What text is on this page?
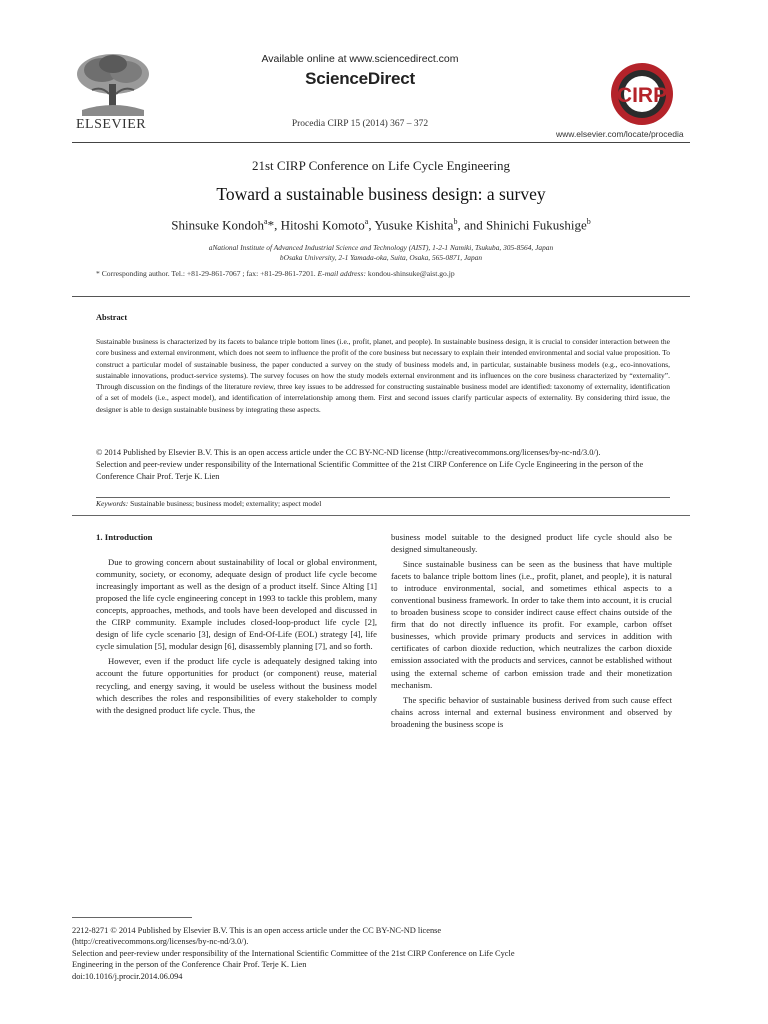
ELSEVIER
Available online at www.sciencedirect.com
ScienceDirect
Procedia CIRP 15 (2014) 367 – 372
CIRP
www.elsevier.com/locate/procedia
21st CIRP Conference on Life Cycle Engineering
Toward a sustainable business design: a survey
Shinsuke Kondoh$^a$*, Hitoshi Komoto$^a$, Yusuke Kishita$^b$, and Shinichi Fukushige$^b$
aNational Institute of Advanced Industrial Science and Technology (AIST), 1-2-1 Namiki, Tsukuba, 305-8564, Japan
bOsaka University, 2-1 Yamada-oka, Suita, Osaka, 565-0871, Japan
* Corresponding author. Tel.: +81-29-861-7067 ; fax: +81-29-861-7201. E-mail address: kondou-shinsuke@aist.go.jp
Abstract

Sustainable business is characterized by its facets to balance triple bottom lines (i.e., profit, planet, and people). In sustainable business design, it is crucial to consider interaction between the core business and external environment, which does not seem to influence the profit of the core business but necessary to explain their intended environmental and social value proposition. To construct a particular model of sustainable business, the paper conducted a survey on the study of business models and, in particular, sustainable business models (e.g., eco-innovations, sustainable innovations, product-service systems). The survey focuses on how the study models external environment and its influences on the core business characterized by “externality”. Through discussion on the findings of the literature review, three key issues to be addressed for constructing sustainable business model are identified: taxonomy of externality, identification of a set of models (i.e., aspect model), and identification of interrelationship among them. First and second issues clarify particular aspects of externality. By considering third issue, the designer is able to design sustainable business by integrating these aspects.

© 2014 Published by Elsevier B.V. This is an open access article under the CC BY-NC-ND license (http://creativecommons.org/licenses/by-nc-nd/3.0/).
Selection and peer-review under responsibility of the International Scientific Committee of the 21st CIRP Conference on Life Cycle Engineering in the person of the Conference Chair Prof. Terje K. Lien

Keywords: Sustainable business; business model; externality; aspect model
1. Introduction

Due to growing concern about sustainability of local or global environment, community, society, or economy, adequate design of product life cycle become increasingly important as well as the design of a product itself. Since Alting [1] proposed the life cycle engineering concept in 1993 to tackle this problem, many concepts, approaches, methods, and tools have been developed and discussed in the CIRP community. Example includes closed-loop-product life cycle [2], design of life cycle scenario [3], design of End-Of-Life (EOL) strategy [4], life cycle simulation [5], modular design [6], disassembly planning [7], and so forth.

However, even if the product life cycle is adequately designed taking into account the future opportunities for product (or component) reuse, material recycling, and energy saving, it would be useless without the business model which describes the roles and responsibilities of every stakeholder to comply with the designed product life cycle. Thus, the

business model suitable to the designed product life cycle should also be designed simultaneously.

Since sustainable business can be seen as the business that have multiple facets to balance triple bottom lines (i.e., profit, planet, and people), it is natural to introduce environmental, social, and sometimes ethical aspects to a conventional business framework. In order to take them into account, it is crucial to broaden business scope to consider indirect cause effect chains outside of the firm that do not directly influence its profit. For example, carbon offset businesses, which provide primary products and services in addition with certificates of carbon dioxide reduction, which neutralizes the carbon dioxide emission associated with the products and services, cannot be established without using the external scheme of carbon emission trade and their monetization mechanism.

The specific behavior of sustainable business derived from such cause effect chains across internal and external business environment and observed by broadening the business scope is

2212-8271 © 2014 Published by Elsevier B.V. This is an open access article under the CC BY-NC-ND license
(http://creativecommons.org/licenses/by-nc-nd/3.0/).
Selection and peer-review under responsibility of the International Scientific Committee of the 21st CIRP Conference on Life Cycle
Engineering in the person of the Conference Chair Prof. Terje K. Lien
doi:10.1016/j.procir.2014.06.094
